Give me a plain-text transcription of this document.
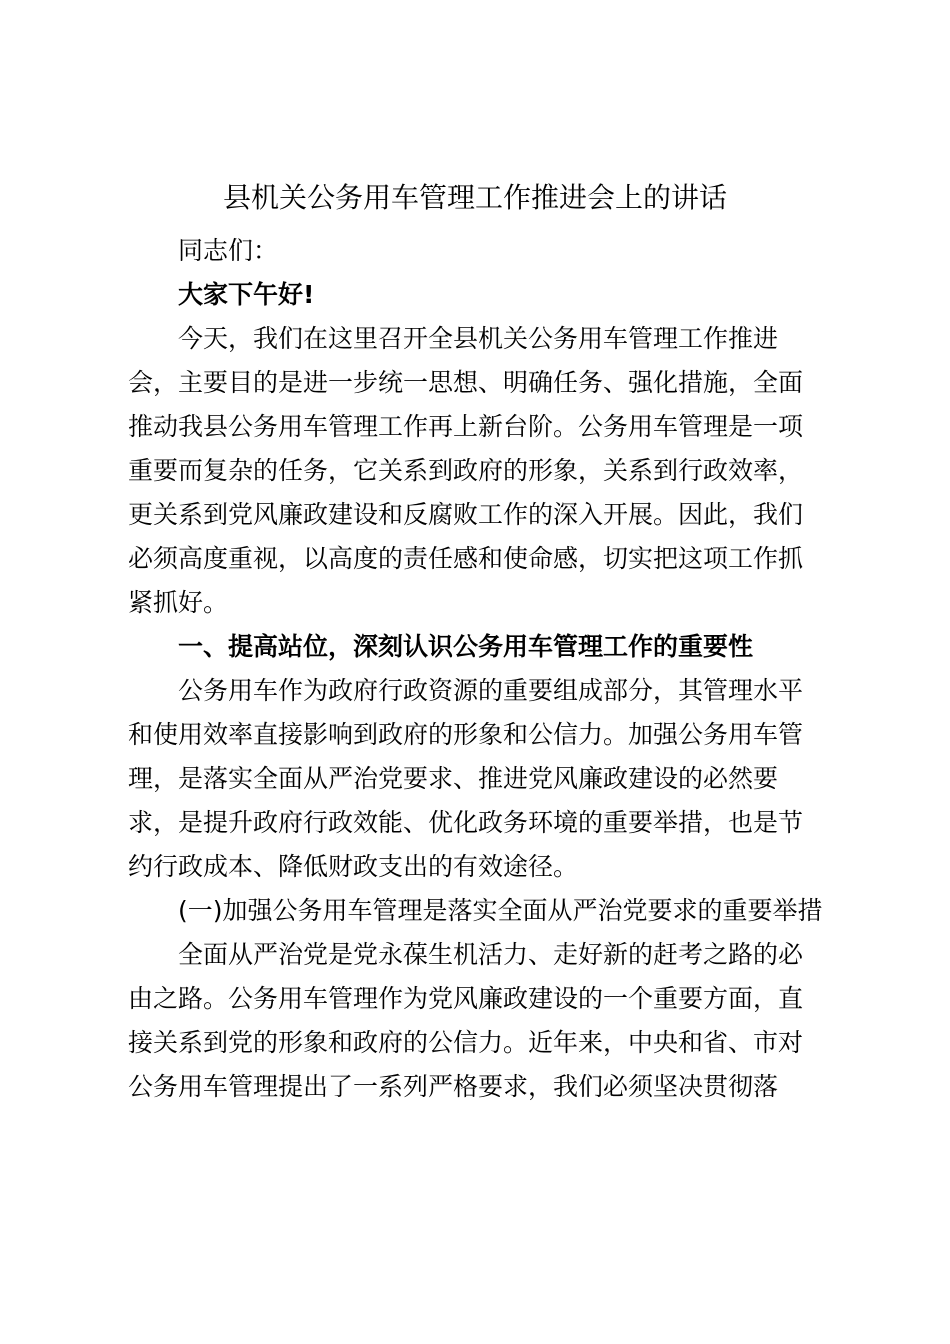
县机关公务用车管理工作推进会上的讲话

同志们：

大家下午好!

今天，我们在这里召开全县机关公务用车管理工作推进

会，主要目的是进一步统一思想、明确任务、强化措施，全面

推动我县公务用车管理工作再上新台阶。公务用车管理是一项

重要而复杂的任务，它关系到政府的形象，关系到行政效率，

更关系到党风廉政建设和反腐败工作的深入开展。因此，我们

必须高度重视，以高度的责任感和使命感，切实把这项工作抓

紧抓好。

一、提高站位，深刻认识公务用车管理工作的重要性

公务用车作为政府行政资源的重要组成部分，其管理水平

和使用效率直接影响到政府的形象和公信力。加强公务用车管

理，是落实全面从严治党要求、推进党风廉政建设的必然要

求，是提升政府行政效能、优化政务环境的重要举措，也是节

约行政成本、降低财政支出的有效途径。

(一)加强公务用车管理是落实全面从严治党要求的重要举措

全面从严治党是党永葆生机活力、走好新的赶考之路的必

由之路。公务用车管理作为党风廉政建设的一个重要方面，直

接关系到党的形象和政府的公信力。近年来，中央和省、市对

公务用车管理提出了一系列严格要求，我们必须坚决贯彻落
